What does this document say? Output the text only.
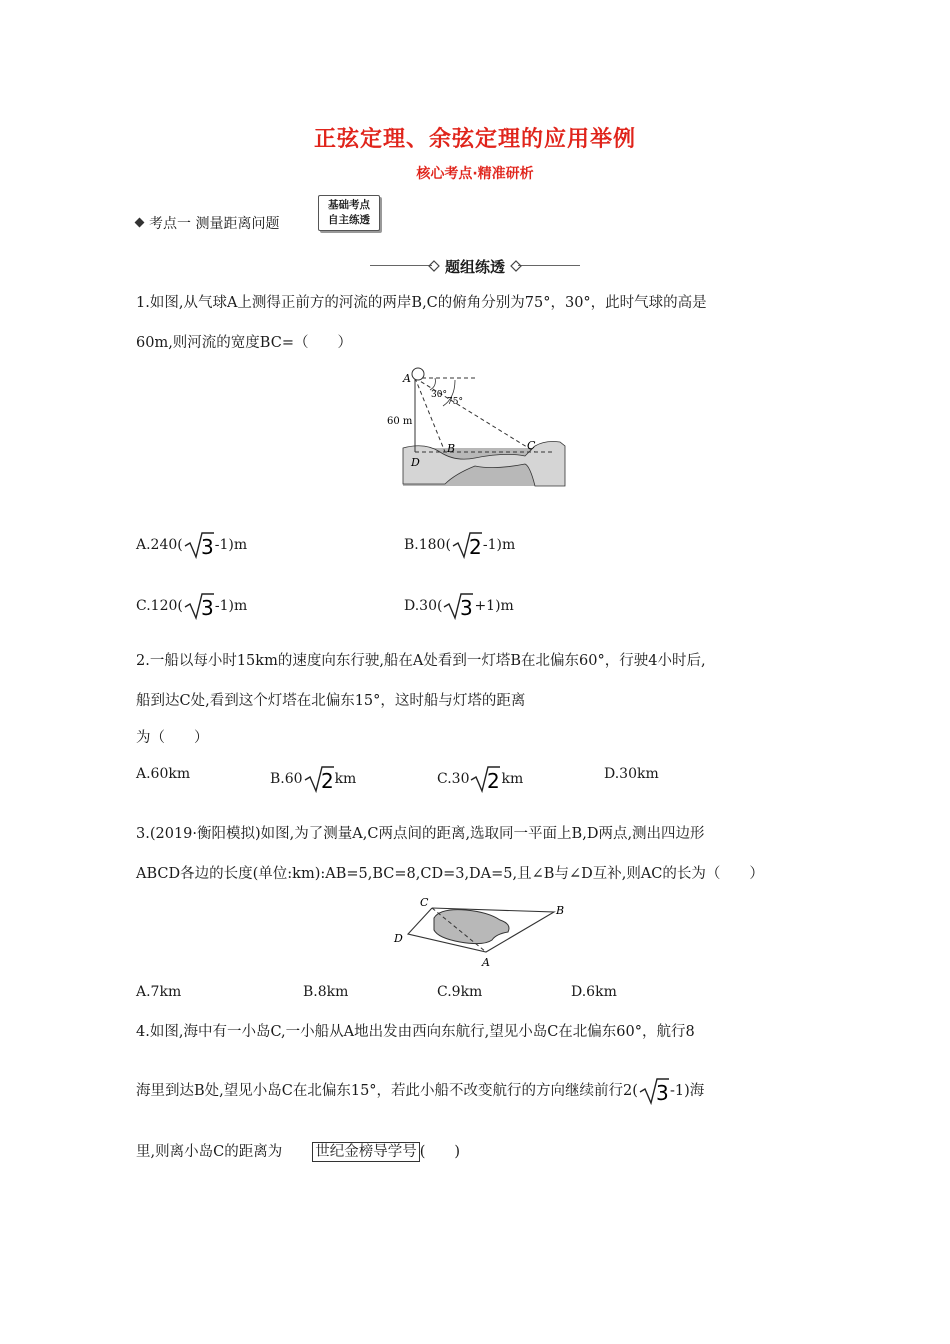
正弦定理、余弦定理的应用举例
核心考点·精准研析
考点一 测量距离问题
基础考点
自主练透
题组练透
1.如图,从气球A上测得正前方的河流的两岸B,C的俯角分别为75°，30°，此时气球的高是
60m,则河流的宽度BC=（　　）
A
B	C
D
60 m
30°
75°
A.240( 3 -1)m	B.180( 2 -1)m
C.120( 3 -1)m	D.30( 3 +1)m
2.一船以每小时15km的速度向东行驶,船在A处看到一灯塔B在北偏东60°，行驶4小时后,
船到达C处,看到这个灯塔在北偏东15°，这时船与灯塔的距离
为（　　）
A.60km	B.60 2 km	C.30 2 km	D.30km
3.(2019·衡阳模拟)如图,为了测量A,C两点间的距离,选取同一平面上B,D两点,测出四边形
ABCD各边的长度(单位:km):AB=5,BC=8,CD=3,DA=5,且∠B与∠D互补,则AC的长为（　　）
C
B
D
A
A.7km	B.8km	C.9km	D.6km
4.如图,海中有一小岛C,一小船从A地出发由西向东航行,望见小岛C在北偏东60°，航行8
海里到达B处,望见小岛C在北偏东15°，若此小船不改变航行的方向继续前行2( 3 -1)海
里,则离小岛C的距离为 世纪金榜导学号 (　　)
